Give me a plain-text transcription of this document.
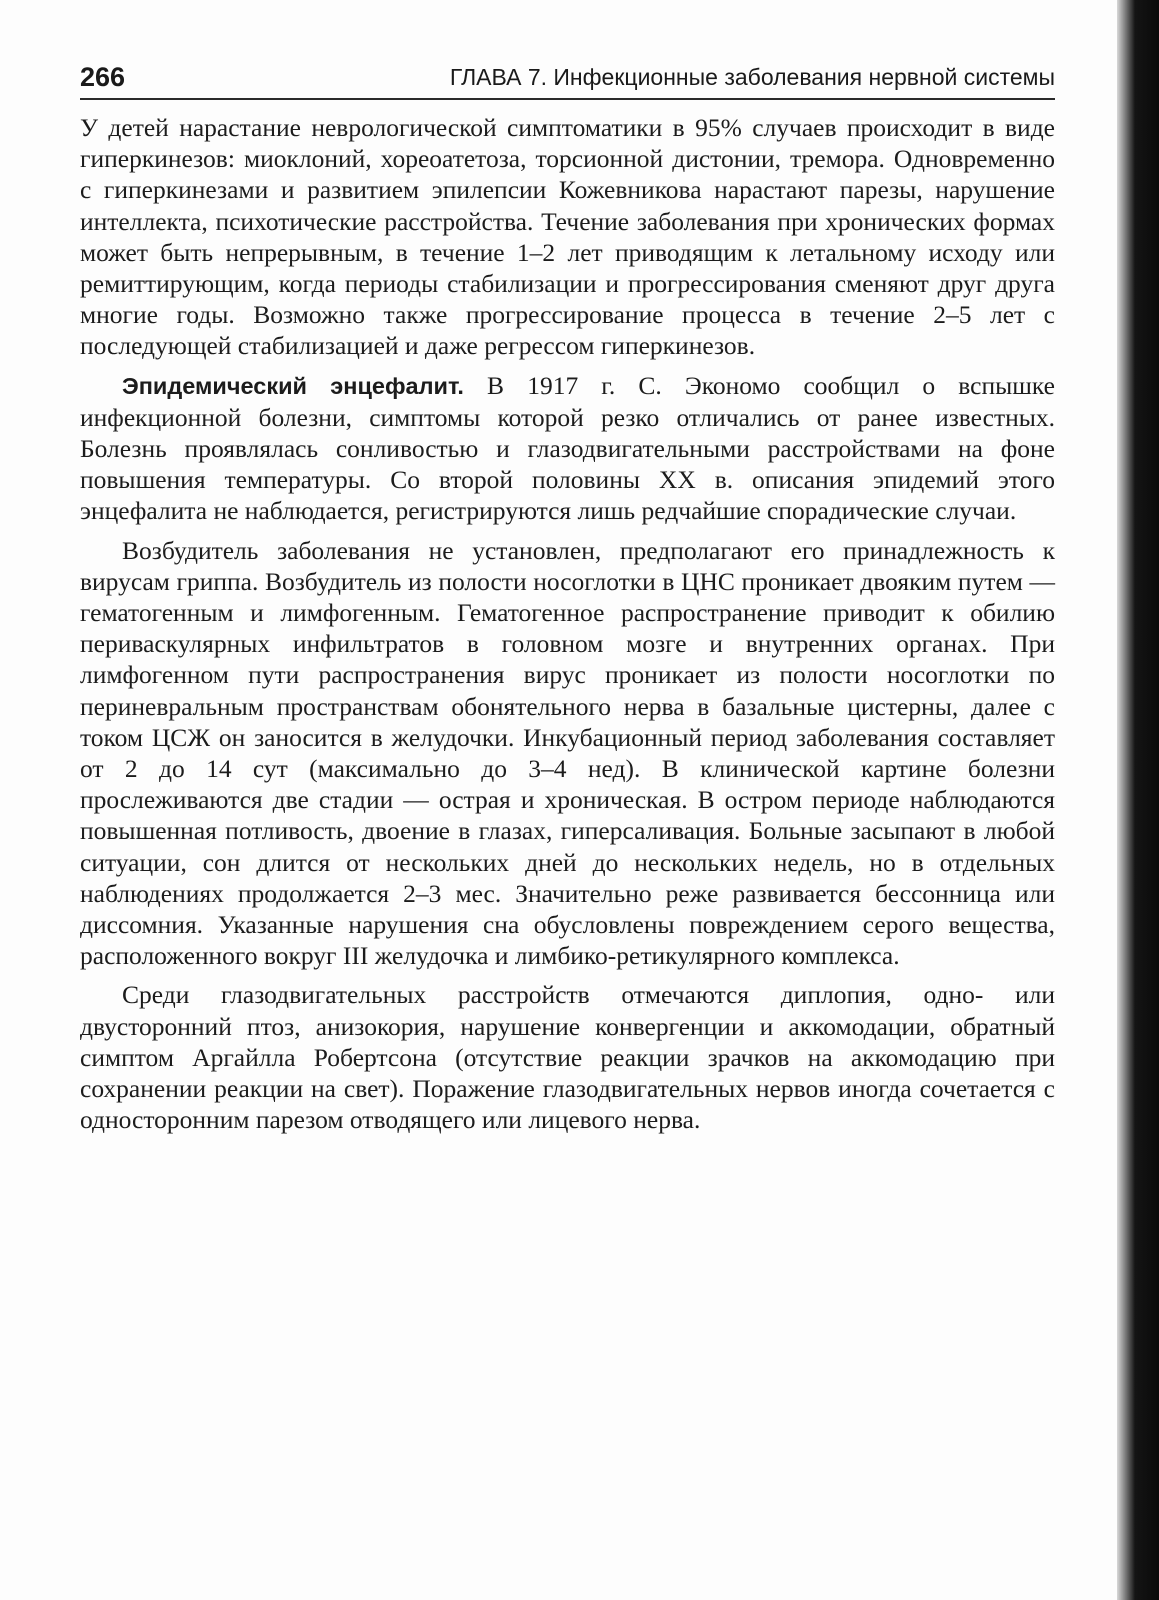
266	ГЛАВА 7. Инфекционные заболевания нервной системы

У детей нарастание неврологической симптоматики в 95% случаев происходит в виде гиперкинезов: миоклоний, хореоатетоза, торсионной дистонии, тремора. Одновременно с гиперкинезами и развитием эпилепсии Кожевникова нарастают парезы, нарушение интеллекта, психотические расстройства. Течение заболевания при хронических формах может быть непрерывным, в течение 1–2 лет приводящим к летальному исходу или ремиттирующим, когда периоды стабилизации и прогрессирования сменяют друг друга многие годы. Возможно также прогрессирование процесса в течение 2–5 лет с последующей стабилизацией и даже регрессом гиперкинезов.

Эпидемический энцефалит. В 1917 г. С. Экономо сообщил о вспышке инфекционной болезни, симптомы которой резко отличались от ранее известных. Болезнь проявлялась сонливостью и глазодвигательными расстройствами на фоне повышения температуры. Со второй половины XX в. описания эпидемий этого энцефалита не наблюдается, регистрируются лишь редчайшие спорадические случаи.

Возбудитель заболевания не установлен, предполагают его принадлежность к вирусам гриппа. Возбудитель из полости носоглотки в ЦНС проникает двояким путем — гематогенным и лимфогенным. Гематогенное распространение приводит к обилию периваскулярных инфильтратов в головном мозге и внутренних органах. При лимфогенном пути распространения вирус проникает из полости носоглотки по периневральным пространствам обонятельного нерва в базальные цистерны, далее с током ЦСЖ он заносится в желудочки. Инкубационный период заболевания составляет от 2 до 14 сут (максимально до 3–4 нед). В клинической картине болезни прослеживаются две стадии — острая и хроническая. В остром периоде наблюдаются повышенная потливость, двоение в глазах, гиперсаливация. Больные засыпают в любой ситуации, сон длится от нескольких дней до нескольких недель, но в отдельных наблюдениях продолжается 2–3 мес. Значительно реже развивается бессонница или диссомния. Указанные нарушения сна обусловлены повреждением серого вещества, расположенного вокруг III желудочка и лимбико-ретикулярного комплекса.

Среди глазодвигательных расстройств отмечаются диплопия, одно- или двусторонний птоз, анизокория, нарушение конвергенции и аккомодации, обратный симптом Аргайлла Робертсона (отсутствие реакции зрачков на аккомодацию при сохранении реакции на свет). Поражение глазодвигательных нервов иногда сочетается с односторонним парезом отводящего или лицевого нерва.
